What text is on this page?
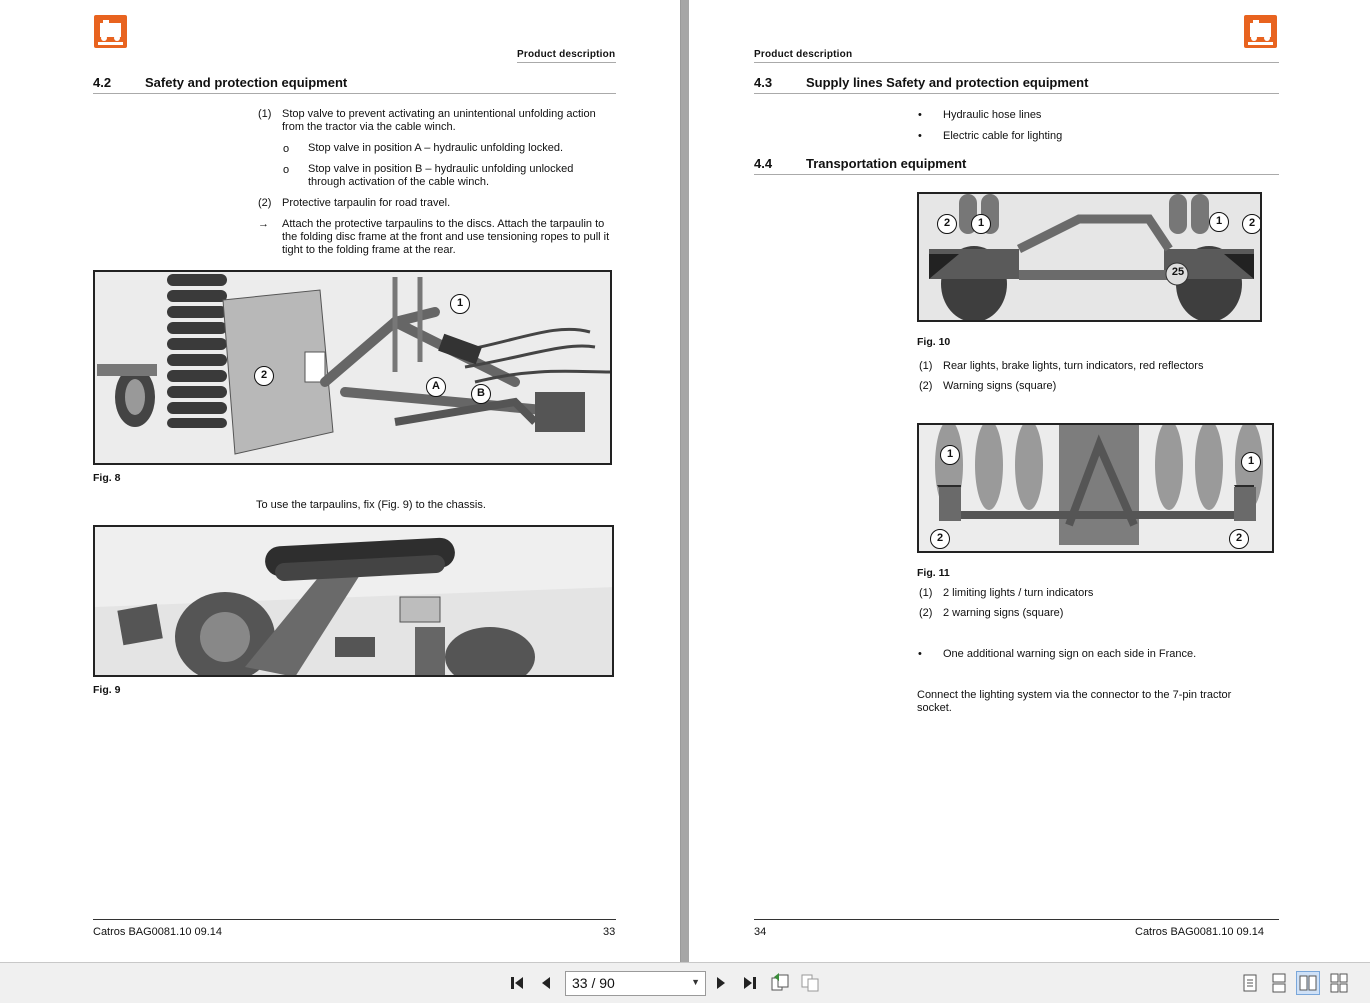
Product description
4.2	Safety and protection equipment
(1) Stop valve to prevent activating an unintentional unfolding action from the tractor via the cable winch.
o Stop valve in position A – hydraulic unfolding locked.
o Stop valve in position B – hydraulic unfolding unlocked through activation of the cable winch.
(2) Protective tarpaulin for road travel.
→ Attach the protective tarpaulins to the discs. Attach the tarpaulin to the folding disc frame at the front and use tensioning ropes to pull it tight to the folding frame at the rear.
1
2
A
B
Fig. 8
To use the tarpaulins, fix (Fig. 9) to the chassis.
Fig. 9
Catros BAG0081.10 09.14	33
Product description
4.3	Supply lines Safety and protection equipment
• Hydraulic hose lines
• Electric cable for lighting
4.4	Transportation equipment
25
2	1	1	2
Fig. 10
(1) Rear lights, brake lights, turn indicators, red reflectors
(2) Warning signs (square)
1
2
1
2
Fig. 11
(1) 2 limiting lights / turn indicators
(2) 2 warning signs (square)
• One additional warning sign on each side in France.
Connect the lighting system via the connector to the 7-pin tractor socket.
34	Catros BAG0081.10 09.14
33 / 90	▼
